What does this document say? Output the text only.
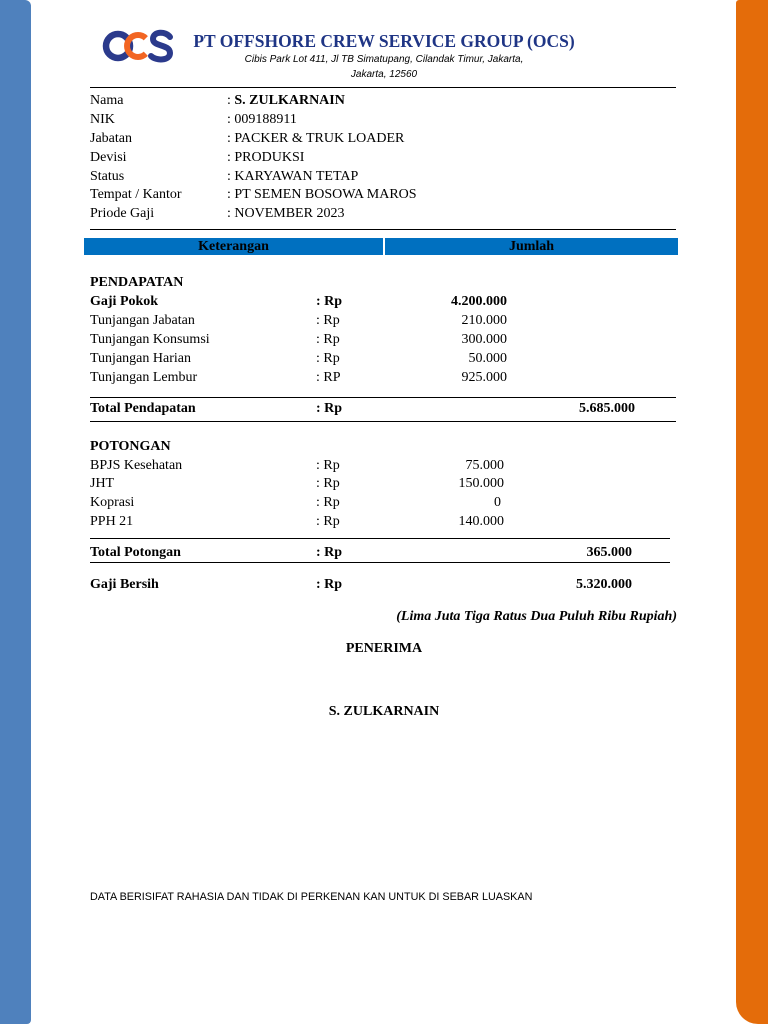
PT OFFSHORE CREW SERVICE GROUP (OCS)
Cibis Park Lot 411, Jl TB Simatupang, Cilandak Timur, Jakarta,
Jakarta, 12560
Nama	: S. ZULKARNAIN
NIK	: 009188911
Jabatan	: PACKER & TRUK LOADER
Devisi	: PRODUKSI
Status	: KARYAWAN TETAP
Tempat / Kantor	: PT SEMEN BOSOWA MAROS
Priode Gaji	: NOVEMBER 2023
Keterangan	Jumlah
PENDAPATAN
Gaji Pokok	: Rp	4.200.000
Tunjangan Jabatan	: Rp	210.000
Tunjangan Konsumsi	: Rp	300.000
Tunjangan Harian	: Rp	50.000
Tunjangan Lembur	: RP	925.000
Total Pendapatan	: Rp	5.685.000
POTONGAN
BPJS Kesehatan	: Rp	75.000
JHT	: Rp	150.000
Koprasi	: Rp	0
PPH 21	: Rp	140.000
Total Potongan	: Rp	365.000
Gaji Bersih	: Rp	5.320.000
(Lima Juta Tiga Ratus Dua Puluh Ribu Rupiah)
PENERIMA
S. ZULKARNAIN
DATA BERISIFAT RAHASIA DAN TIDAK DI PERKENAN KAN UNTUK DI SEBAR LUASKAN
